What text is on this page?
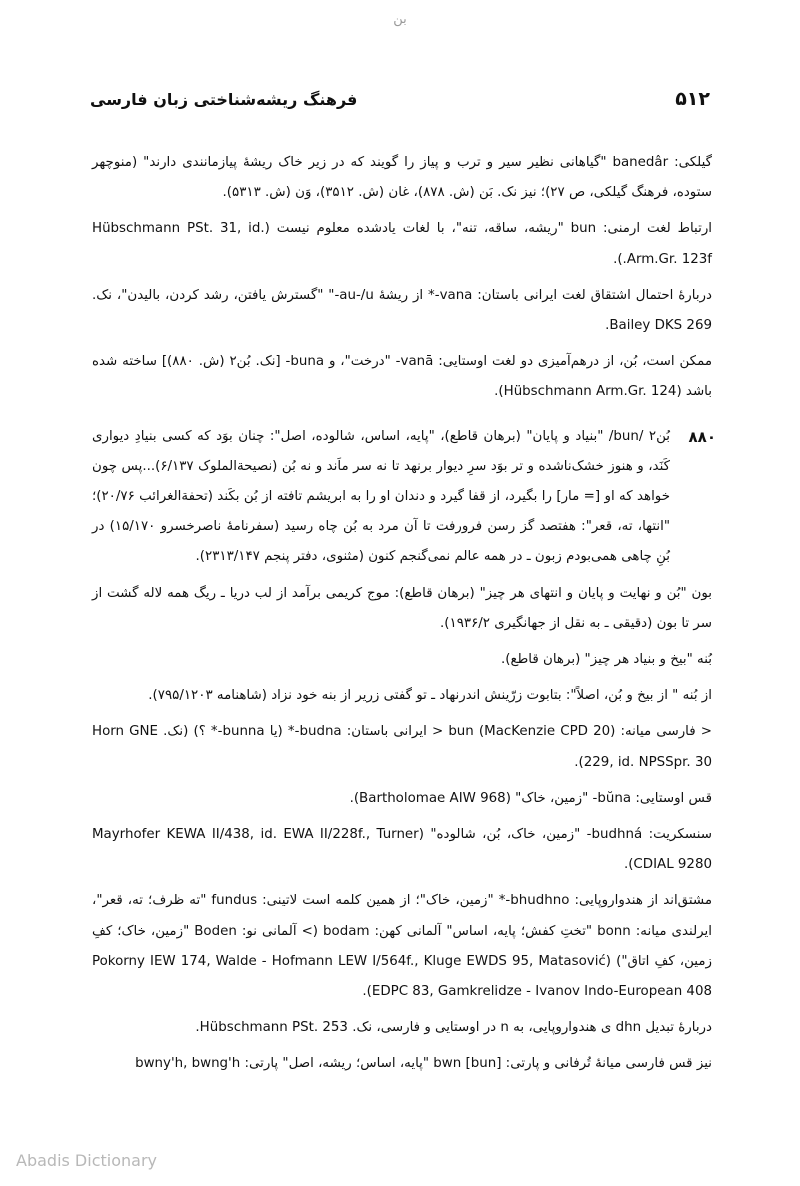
بن
۵۱۲
فرهنگ ریشه‌شناختی زبان فارسی

گیلکی: banedâr "گیاهانی نظیر سیر و ترب و پیاز را گویند که در زیر خاک ریشهٔ پیازمانندی دارند" (منوچهر ستوده، فرهنگ گیلکی، ص ۲۷)؛ نیز نک. بَن (ش. ۸۷۸)، غان (ش. ۳۵۱۲)، وَن (ش. ۵۳۱۳).

ارتباط لغت ارمنی: bun "ریشه، ساقه، تنه"، با لغات یادشده معلوم نیست (Hübschmann PSt. 31, id. Arm.Gr. 123f.).

دربارهٔ احتمال اشتقاق لغت ایرانی باستان: vana-* از ریشهٔ au-/u-" "گسترش یافتن، رشد کردن، بالیدن"، نک. Bailey DKS 269.

ممکن است، بُن، از درهم‌آمیزی دو لغت اوستایی: vanā- "درخت"، و buna- [نک. بُن۲ (ش. ۸۸۰)] ساخته شده باشد (Hübschmann Arm.Gr. 124).

۸۸۰

بُن۲ /bun/ "بنیاد و پایان" (برهان قاطع)، "پایه، اساس، شالوده، اصل": چنان بوَد که کسی بنیادِ دیواری کَنَد، و هنوز خشک‌ناشده و تر بوَد سرِ دیوار برنهد تا نه سر ماَند و نه بُن (نصیحة‌الملوک ۶/۱۳۷)...پس چون خواهد که او [= مار] را بگیرد، از قفا گیرد و دندان او را به ابریشم تافته از بُن بکَند (تحفة‌الغرائب ۲۰/۷۶)؛ "انتها، ته، قعر": هفتصد گز رسن فرورفت تا آن مرد به بُن چاه رسید (سفرنامهٔ ناصرخسرو ۱۵/۱۷۰) در بُنِ چاهی همی‌بودم زبون ـ در همه عالم نمی‌گنجم کنون (مثنوی، دفتر پنجم ۲۳۱۳/۱۴۷).

بون "بُن و نهایت و پایان و انتهای هر چیز" (برهان قاطع): موج کریمی برآمد از لب دریا ـ ریگ همه لاله گشت از سر تا بون (دقیقی ـ به نقل از جهانگیری ۱۹۳۶/۲).

بُنه "بیخ و بنیاد هر چیز" (برهان قاطع).

از بُنه " از بیخ و بُن، اصلاً": بتابوت زرّینش اندرنهاد ـ تو گفتی زریر از بنه خود نزاد (شاهنامه ۷۹۵/۱۲۰۳).

< فارسی میانه: bun (MacKenzie CPD 20) < ایرانی باستان: budna-* (یا bunna-* ؟) (نک. Horn GNE 229, id. NPSSpr. 30).

قس اوستایی: bŭna- "زمین، خاک" (Bartholomae AIW 968).

سنسکریت: budhná- "زمین، خاک، بُن، شالوده" (Mayrhofer KEWA II/438, id. EWA II/228f., Turner CDIAL 9280).

مشتق‌اند از هندواروپایی: bhudhno-* "زمین، خاک"؛ از همین کلمه است لاتینی: fundus "ته ظرف؛ ته، قعر"، ایرلندی میانه: bonn "تختِ کفش؛ پایه، اساس" آلمانی کهن: bodam (> آلمانی نو: Boden "زمین، خاک؛ کفِ زمین، کفِ اتاق") (Pokorny IEW 174, Walde - Hofmann LEW I/564f., Kluge EWDS 95, Matasović EDPC 83, Gamkrelidze - Ivanov Indo-European 408).

دربارهٔ تبدیل dhn ی هندواروپایی، به n در اوستایی و فارسی، نک. Hübschmann PSt. 253.

نیز قس فارسی میانهٔ تُرفانی و پارتی: bwn [bun] "پایه، اساس؛ ریشه، اصل" پارتی: bwny'h, bwng'h

Abadis Dictionary
